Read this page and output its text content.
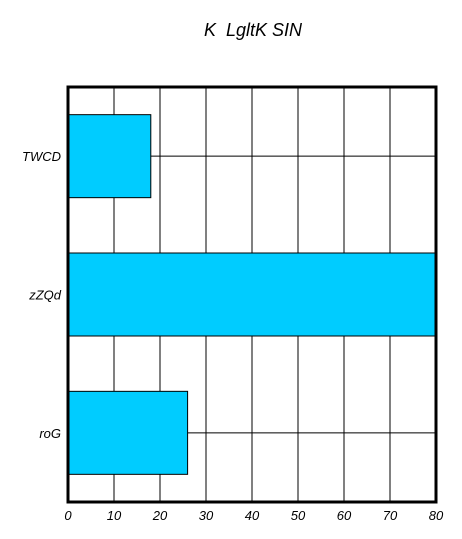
K  LgltK SIN
0	10 20 30 40 50 60 70 80
TWCD
zZQd
roG
